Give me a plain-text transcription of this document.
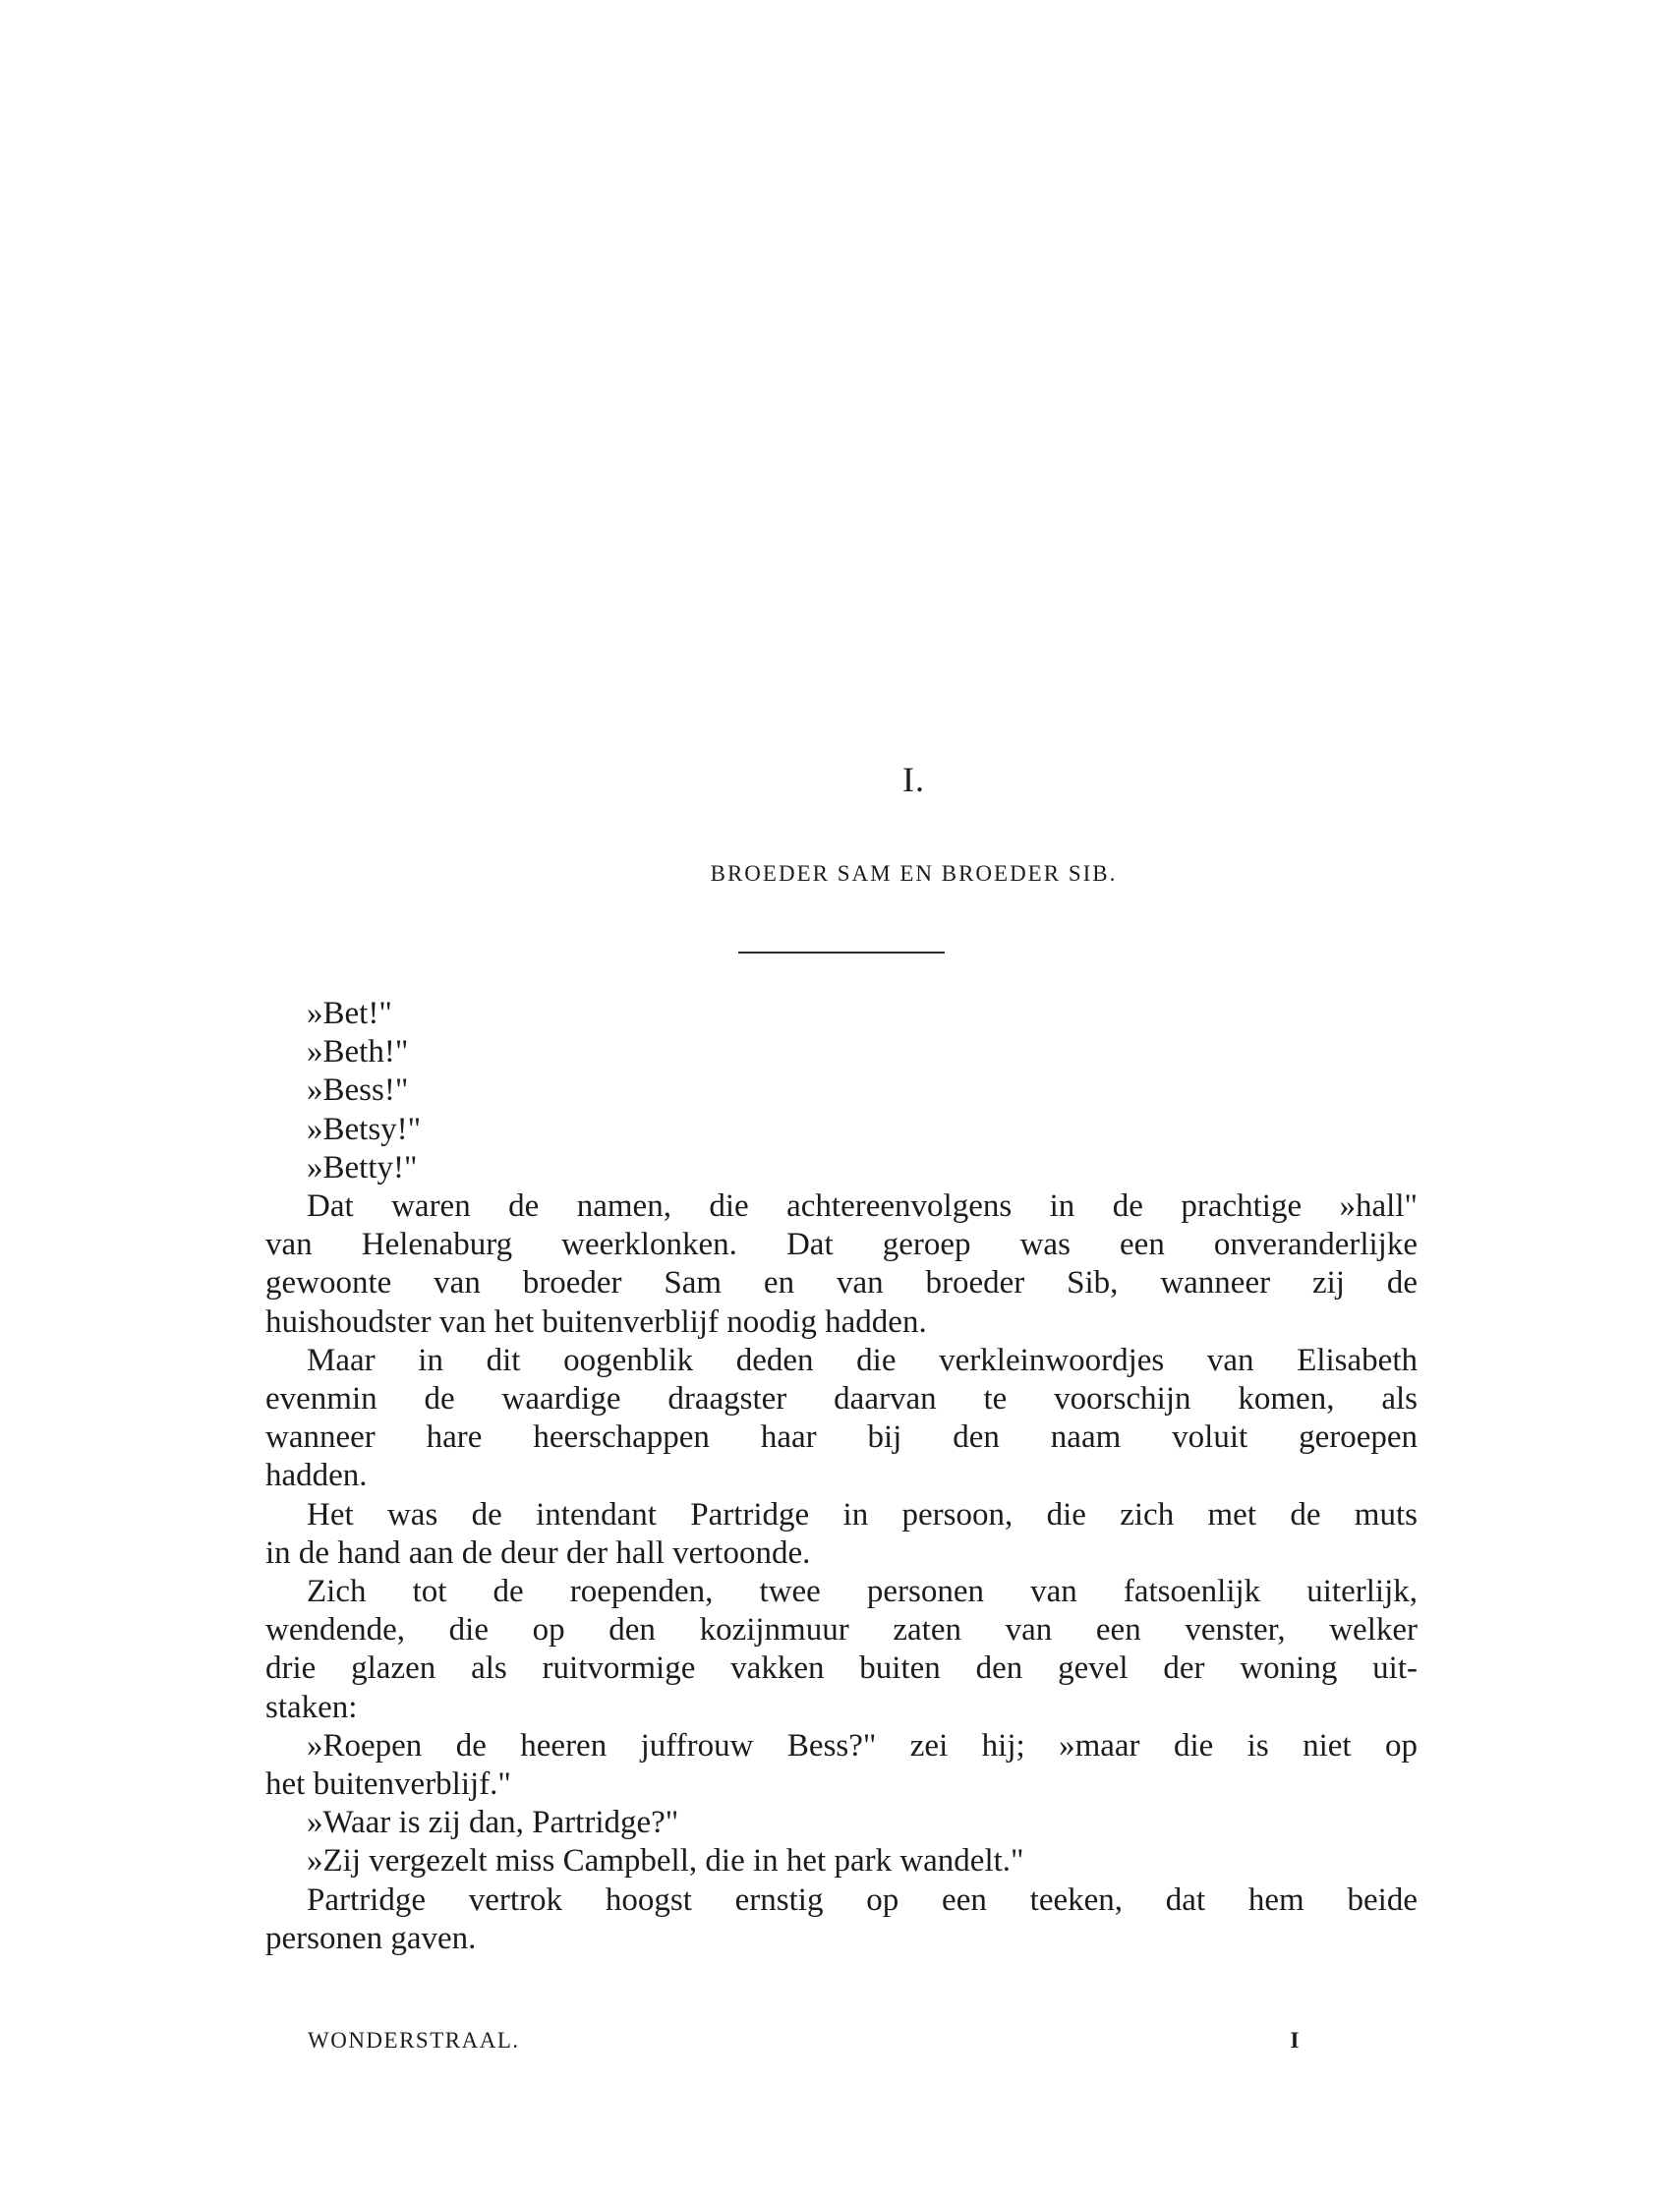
I.
BROEDER SAM EN BROEDER SIB.
»Bet!"
»Beth!"
»Bess!"
»Betsy!"
»Betty!"
Dat waren de namen, die achtereenvolgens in de prachtige »hall"
van Helenaburg weerklonken. Dat geroep was een onveranderlijke
gewoonte van broeder Sam en van broeder Sib, wanneer zij de
huishoudster van het buitenverblijf noodig hadden.
Maar in dit oogenblik deden die verkleinwoordjes van Elisabeth
evenmin de waardige draagster daarvan te voorschijn komen, als
wanneer hare heerschappen haar bij den naam voluit geroepen
hadden.
Het was de intendant Partridge in persoon, die zich met de muts
in de hand aan de deur der hall vertoonde.
Zich tot de roependen, twee personen van fatsoenlijk uiterlijk,
wendende, die op den kozijnmuur zaten van een venster, welker
drie glazen als ruitvormige vakken buiten den gevel der woning uit-
staken:
»Roepen de heeren juffrouw Bess?" zei hij; »maar die is niet op
het buitenverblijf."
»Waar is zij dan, Partridge?"
»Zij vergezelt miss Campbell, die in het park wandelt."
Partridge vertrok hoogst ernstig op een teeken, dat hem beide
personen gaven.
WONDERSTRAAL.	I
